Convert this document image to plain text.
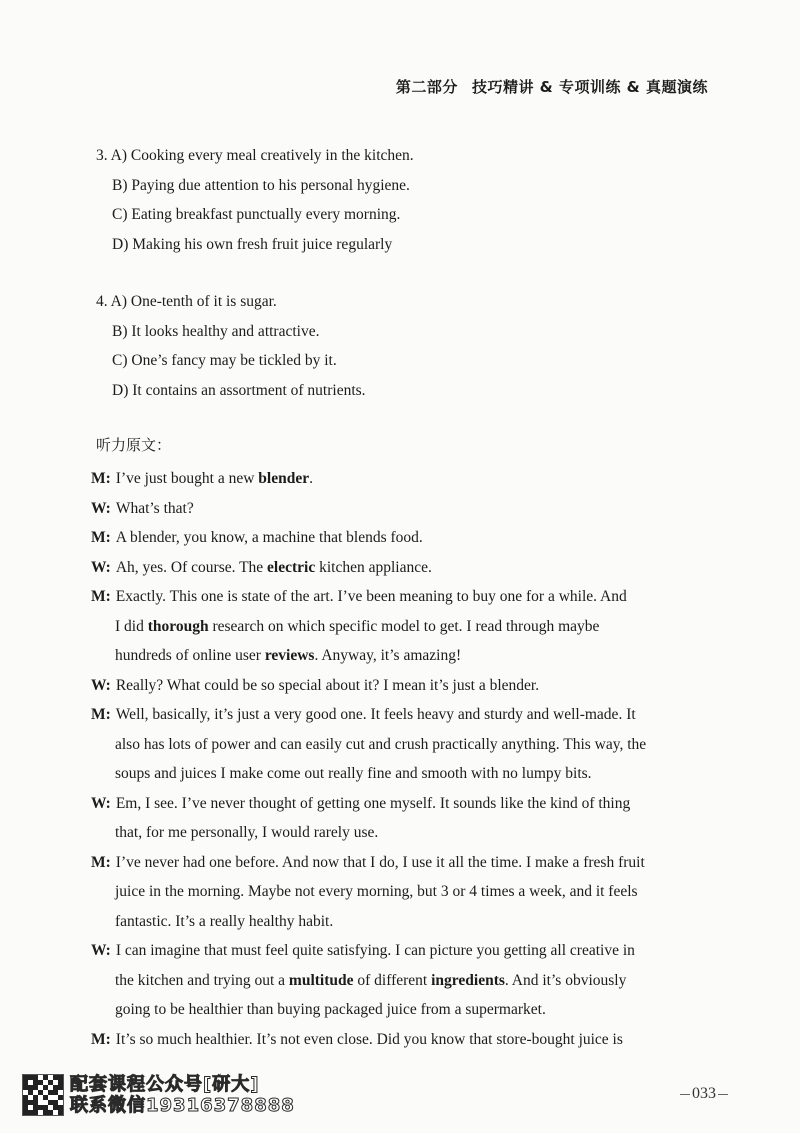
第二部分 技巧精讲 & 专项训练 & 真题演练
3. A) Cooking every meal creatively in the kitchen.
B) Paying due attention to his personal hygiene.
C) Eating breakfast punctually every morning.
D) Making his own fresh fruit juice regularly
4. A) One-tenth of it is sugar.
B) It looks healthy and attractive.
C) One’s fancy may be tickled by it.
D) It contains an assortment of nutrients.
听力原文：
M: I’ve just bought a new blender.
W: What’s that?
M: A blender, you know, a machine that blends food.
W: Ah, yes. Of course. The electric kitchen appliance.
M: Exactly. This one is state of the art. I’ve been meaning to buy one for a while. And
I did thorough research on which specific model to get. I read through maybe
hundreds of online user reviews. Anyway, it’s amazing!
W: Really? What could be so special about it? I mean it’s just a blender.
M: Well, basically, it’s just a very good one. It feels heavy and sturdy and well-made. It
also has lots of power and can easily cut and crush practically anything. This way, the
soups and juices I make come out really fine and smooth with no lumpy bits.
W: Em, I see. I’ve never thought of getting one myself. It sounds like the kind of thing
that, for me personally, I would rarely use.
M: I’ve never had one before. And now that I do, I use it all the time. I make a fresh fruit
juice in the morning. Maybe not every morning, but 3 or 4 times a week, and it feels
fantastic. It’s a really healthy habit.
W: I can imagine that must feel quite satisfying. I can picture you getting all creative in
the kitchen and trying out a multitude of different ingredients. And it’s obviously
going to be healthier than buying packaged juice from a supermarket.
M: It’s so much healthier. It’s not even close. Did you know that store-bought juice is
配套课程公众号[研大]
联系微信19316378888
033
